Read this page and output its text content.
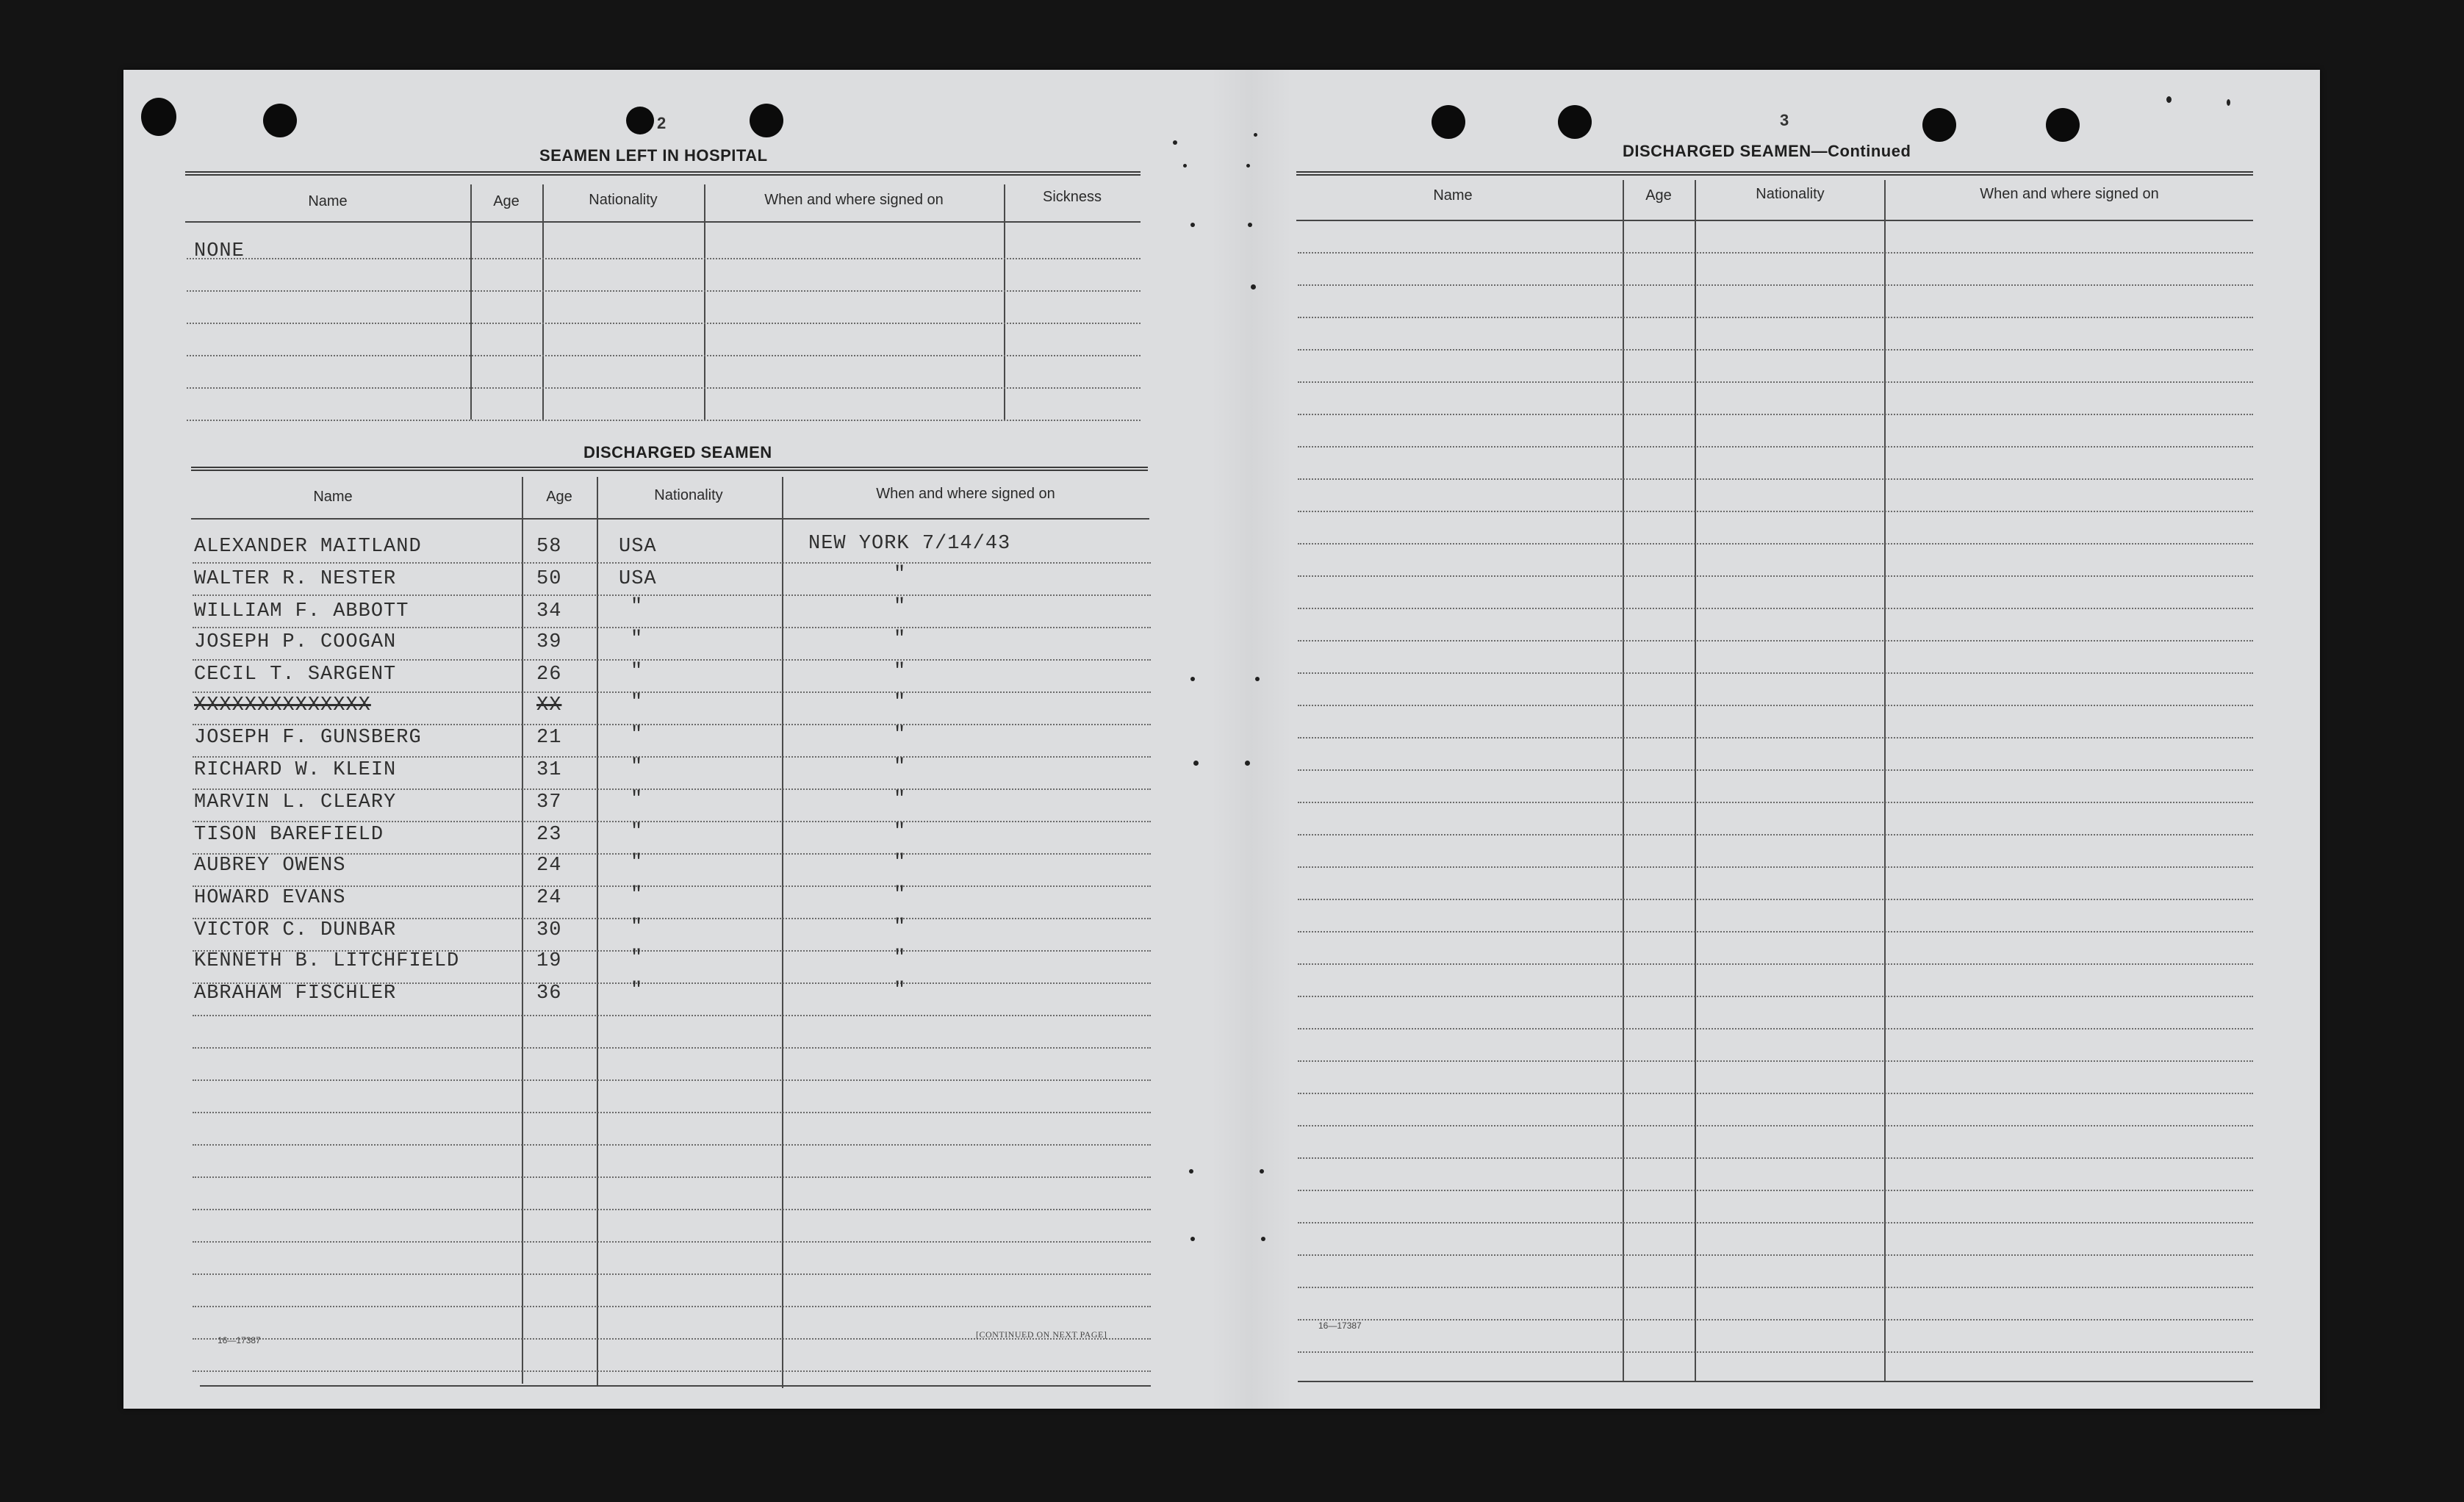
2
SEAMEN LEFT IN HOSPITAL
Name	Age	Nationality	When and where signed on	Sickness
NONE
DISCHARGED SEAMEN
Name	Age	Nationality	When and where signed on
ALEXANDER MAITLAND	58	USA	NEW YORK 7/14/43
WALTER R. NESTER	50	USA	"
WILLIAM F. ABBOTT	34	"	"
JOSEPH P. COOGAN	39	"	"
CECIL T. SARGENT	26	"	"
XXXXXXXXXXXXXX	XX	"	"
JOSEPH F. GUNSBERG	21	"	"
RICHARD W. KLEIN	31	"	"
MARVIN L. CLEARY	37	"	"
TISON BAREFIELD	23	"	"
AUBREY OWENS	24	"	"
HOWARD EVANS	24	"	"
VICTOR C. DUNBAR	30	"	"
KENNETH B. LITCHFIELD	19	"	"
ABRAHAM FISCHLER	36	"	"
16—17387
[CONTINUED ON NEXT PAGE]
3
DISCHARGED SEAMEN—Continued
Name	Age	Nationality	When and where signed on
16—17387
